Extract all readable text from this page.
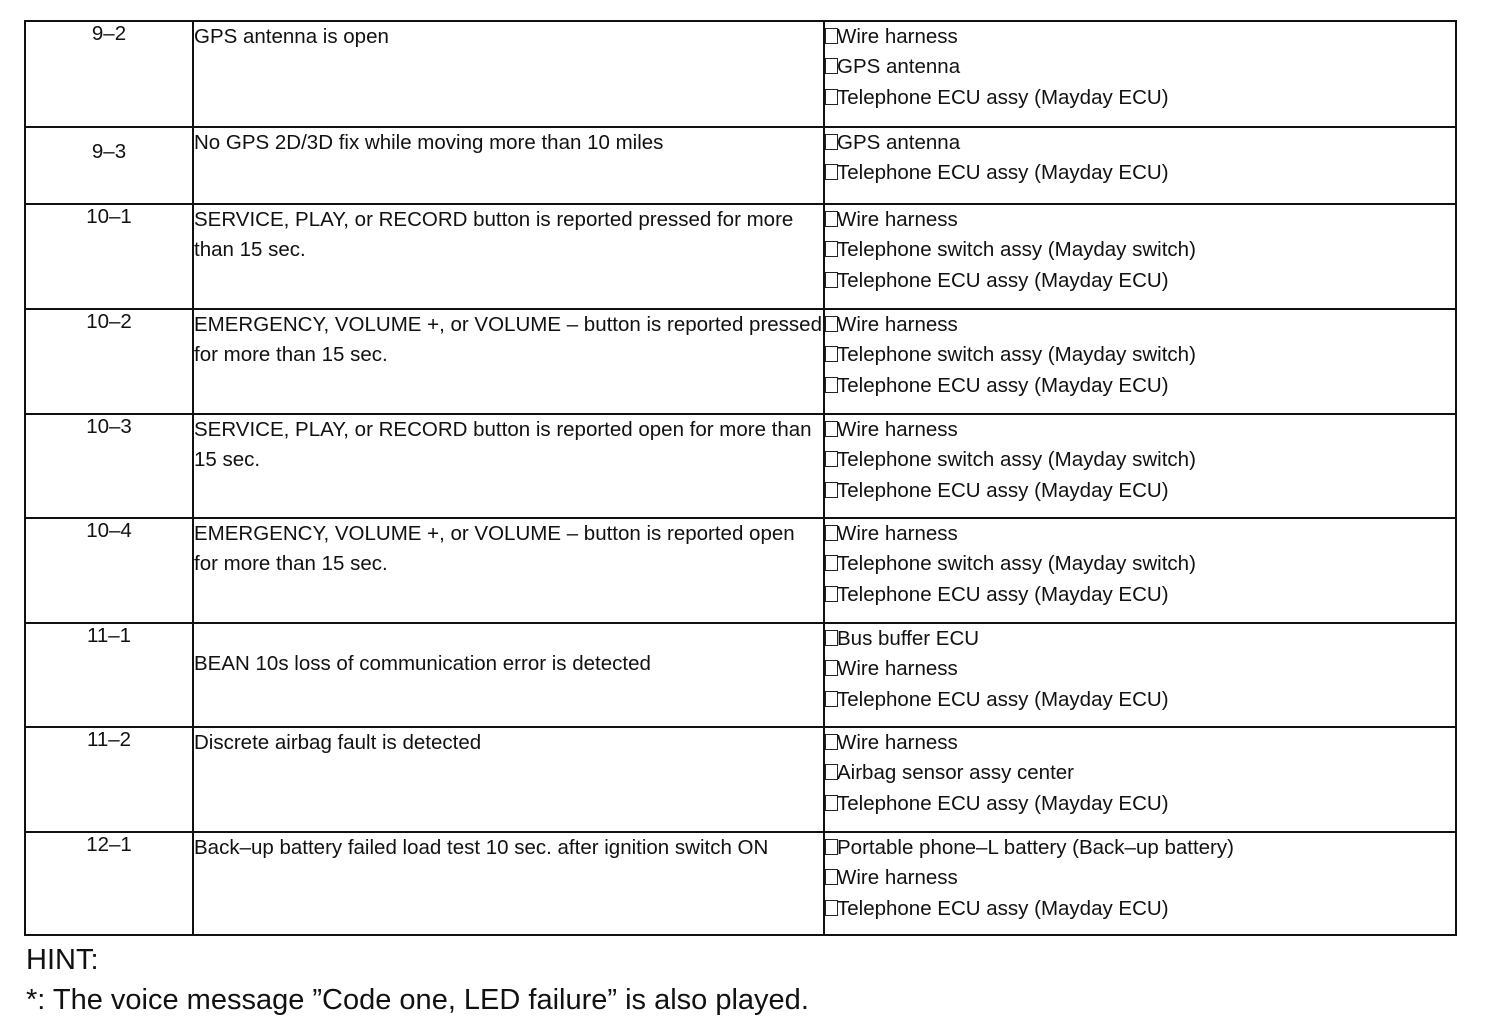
9–2	GPS antenna is open	Wire harness
GPS antenna
Telephone ECU assy (Mayday ECU)

9–3	No GPS 2D/3D fix while moving more than 10 miles	GPS antenna
Telephone ECU assy (Mayday ECU)

10–1	SERVICE, PLAY, or RECORD button is reported pressed for more than 15 sec.	Wire harness
Telephone switch assy (Mayday switch)
Telephone ECU assy (Mayday ECU)

10–2	EMERGENCY, VOLUME +, or VOLUME – button is reported pressed for more than 15 sec.	Wire harness
Telephone switch assy (Mayday switch)
Telephone ECU assy (Mayday ECU)

10–3	SERVICE, PLAY, or RECORD button is reported open for more than 15 sec.	Wire harness
Telephone switch assy (Mayday switch)
Telephone ECU assy (Mayday ECU)

10–4	EMERGENCY, VOLUME +, or VOLUME – button is reported open for more than 15 sec.	Wire harness
Telephone switch assy (Mayday switch)
Telephone ECU assy (Mayday ECU)

11–1	BEAN 10s loss of communication error is detected	Bus buffer ECU
Wire harness
Telephone ECU assy (Mayday ECU)

11–2	Discrete airbag fault is detected	Wire harness
Airbag sensor assy center
Telephone ECU assy (Mayday ECU)

12–1	Back–up battery failed load test 10 sec. after ignition switch ON	Portable phone–L battery (Back–up battery)
Wire harness
Telephone ECU assy (Mayday ECU)
HINT:
*: The voice message ”Code one, LED failure” is also played.
